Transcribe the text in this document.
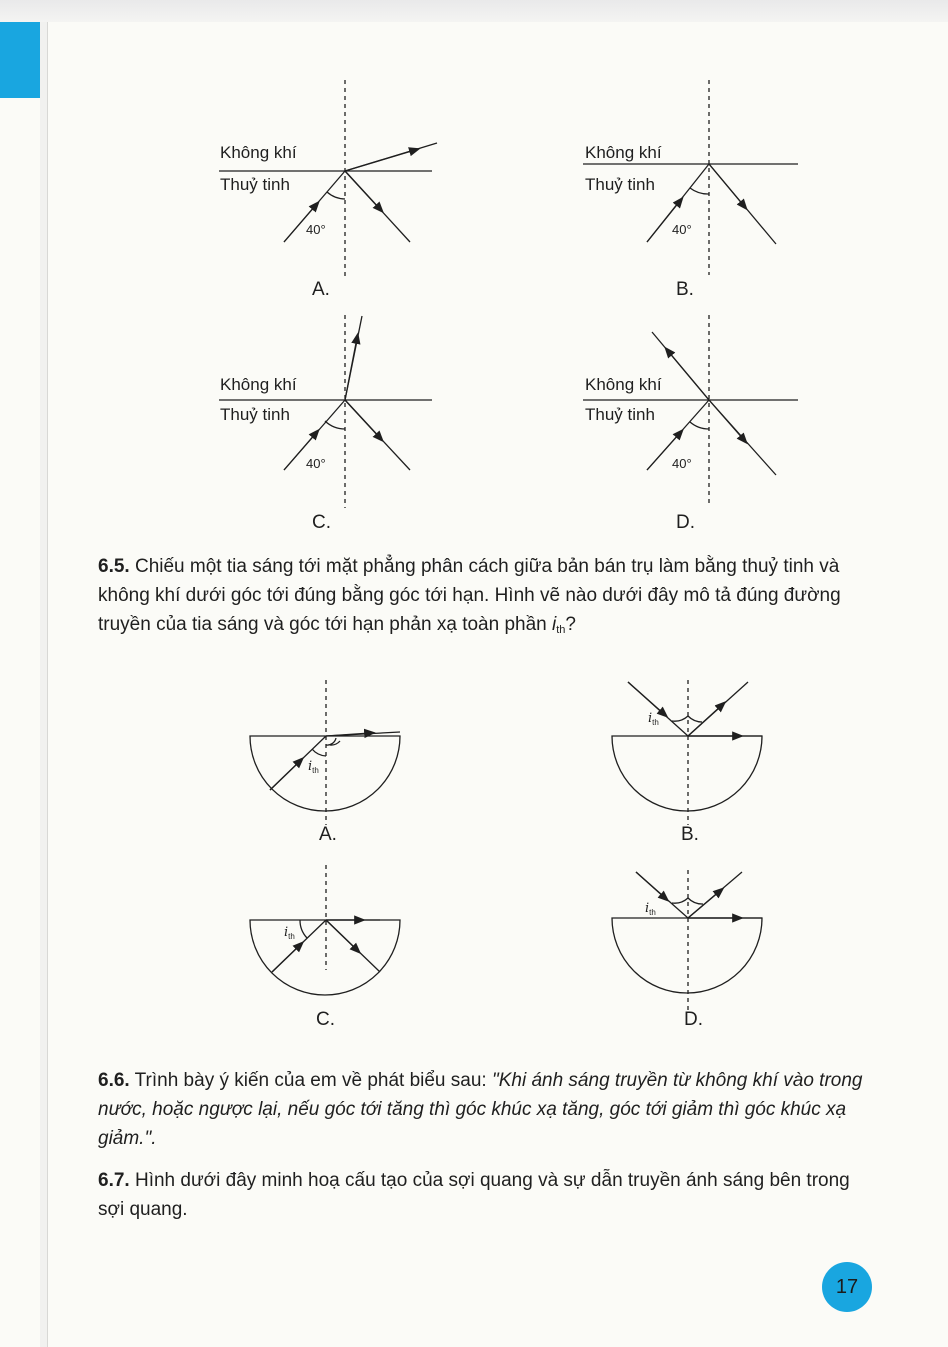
Không khí
Thuỷ tinh
40°
A.
Không khí
Thuỷ tinh
40°
B.
Không khí
Thuỷ tinh
40°
C.
Không khí
Thuỷ tinh
40°
D.
6.5. Chiếu một tia sáng tới mặt phẳng phân cách giữa bản bán trụ làm bằng thuỷ tinh và không khí dưới góc tới đúng bằng góc tới hạn. Hình vẽ nào dưới đây mô tả đúng đường truyền của tia sáng và góc tới hạn phản xạ toàn phần $i_{th}$?
$i_{th}$
$i_{th}$
$i_{th}$
$i_{th}$
A.	B.
C.	D.
6.6. Trình bày ý kiến của em về phát biểu sau: "Khi ánh sáng truyền từ không khí vào trong nước, hoặc ngược lại, nếu góc tới tăng thì góc khúc xạ tăng, góc tới giảm thì góc khúc xạ giảm.".
6.7. Hình dưới đây minh hoạ cấu tạo của sợi quang và sự dẫn truyền ánh sáng bên trong sợi quang.
17
